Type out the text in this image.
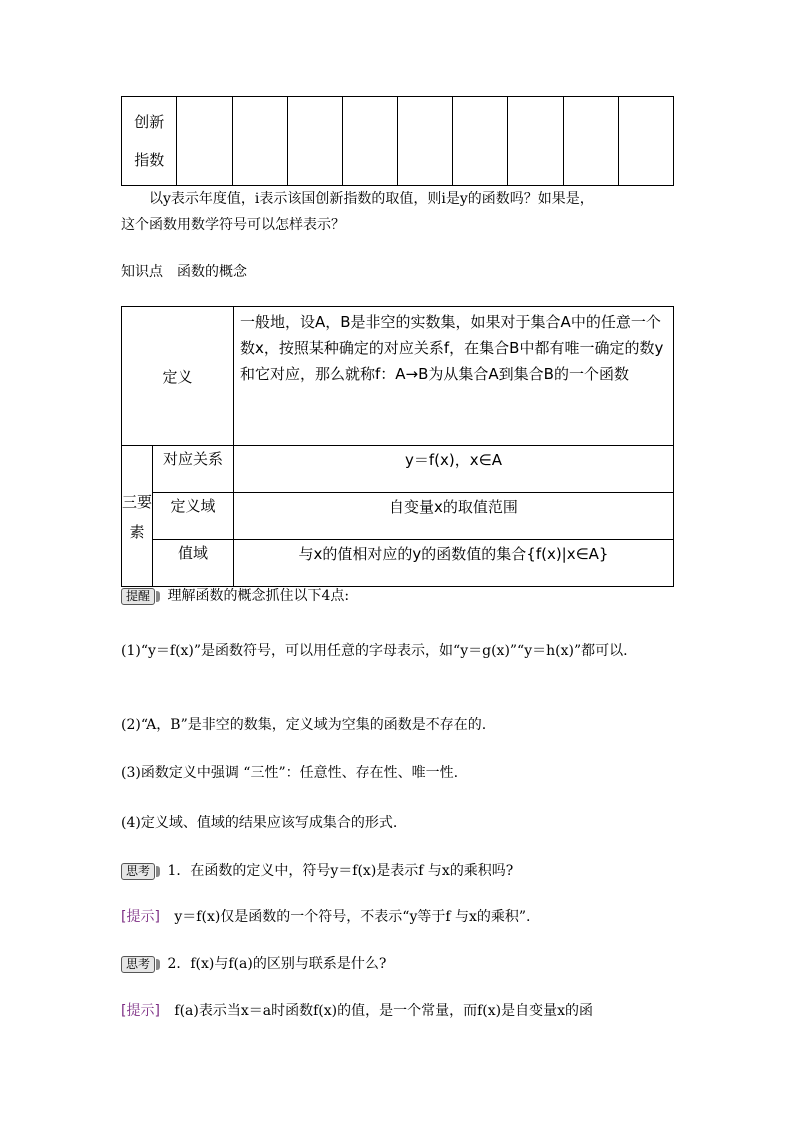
创新
指数

以y表示年度值，i表示该国创新指数的取值，则i是y的函数吗？如果是，
这个函数用数学符号可以怎样表示？
知识点　函数的概念
定义		一般地，设A，B是非空的实数集，如果对于集合A中的任意一个数x，按照某种确定的对应关系f，在集合B中都有唯一确定的数y和它对应，那么就称f：A→B为从集合A到集合B的一个函数
三要素	对应关系	y＝f(x)，x∈A
	定义域	自变量x的取值范围
	值域	与x的值相对应的y的函数值的集合{f(x)|x∈A}
提醒 理解函数的概念抓住以下4点:
(1)“y＝f(x)”是函数符号，可以用任意的字母表示，如“y＝g(x)”“y＝h(x)”都可以.
(2)“A，B”是非空的数集，定义域为空集的函数是不存在的.
(3)函数定义中强调 “三性”：任意性、存在性、唯一性.
(4)定义域、值域的结果应该写成集合的形式.
思考 1．在函数的定义中，符号y＝f(x)是表示f 与x的乘积吗?
[提示] y＝f(x)仅是函数的一个符号，不表示“y等于f 与x的乘积”.
思考 2．f(x)与f(a)的区别与联系是什么?
[提示] f(a)表示当x＝a时函数f(x)的值，是一个常量，而f(x)是自变量x的函
